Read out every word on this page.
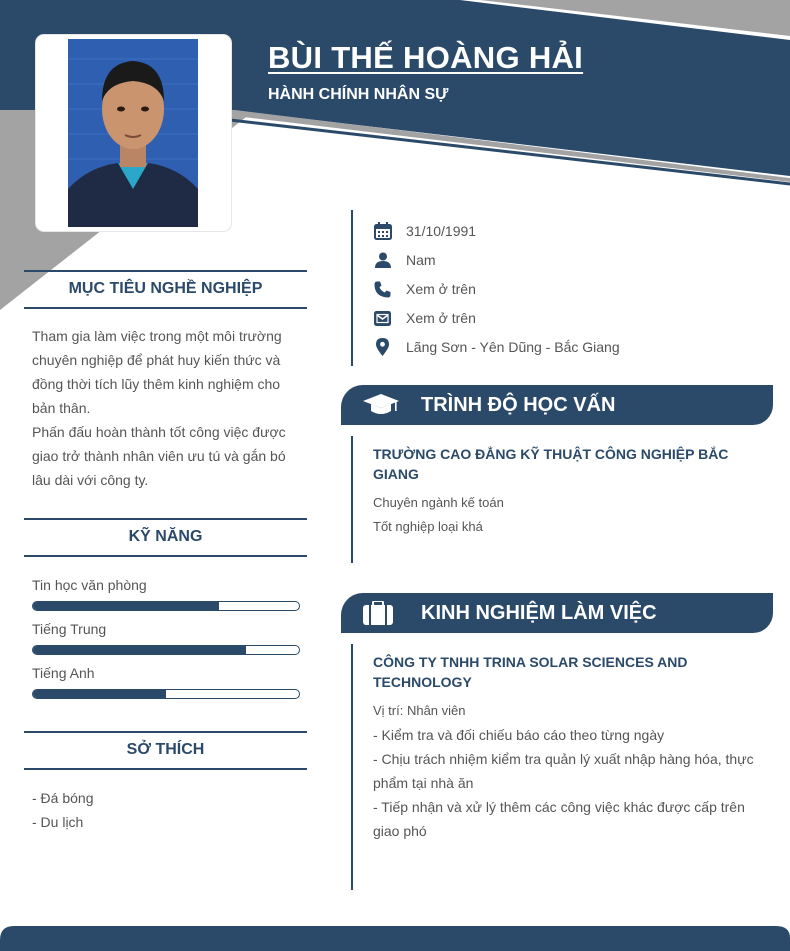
BÙI THẾ HOÀNG HẢI
HÀNH CHÍNH NHÂN SỰ
MỤC TIÊU NGHỀ NGHIỆP

Tham gia làm việc trong một môi trường chuyên nghiệp để phát huy kiến thức và đồng thời tích lũy thêm kinh nghiệm cho bản thân.

Phấn đấu hoàn thành tốt công việc được giao trở thành nhân viên ưu tú và gắn bó lâu dài với công ty.

KỸ NĂNG
Tin học văn phòng
Tiếng Trung
Tiếng Anh
SỞ THÍCH
- Đá bóng
- Du lịch
31/10/1991
Nam
Xem ở trên
Xem ở trên
Lãng Sơn - Yên Dũng - Bắc Giang
TRÌNH ĐỘ HỌC VẤN
TRƯỜNG CAO ĐẲNG KỸ THUẬT CÔNG NGHIỆP BẮC GIANG
Chuyên ngành kế toán
Tốt nghiệp loại khá
KINH NGHIỆM LÀM VIỆC
CÔNG TY TNHH TRINA SOLAR SCIENCES AND TECHNOLOGY
Vị trí: Nhân viên
- Kiểm tra và đối chiếu báo cáo theo từng ngày
- Chịu trách nhiệm kiểm tra quản lý xuất nhập hàng hóa, thực phẩm tại nhà ăn
- Tiếp nhận và xử lý thêm các công việc khác được cấp trên giao phó
